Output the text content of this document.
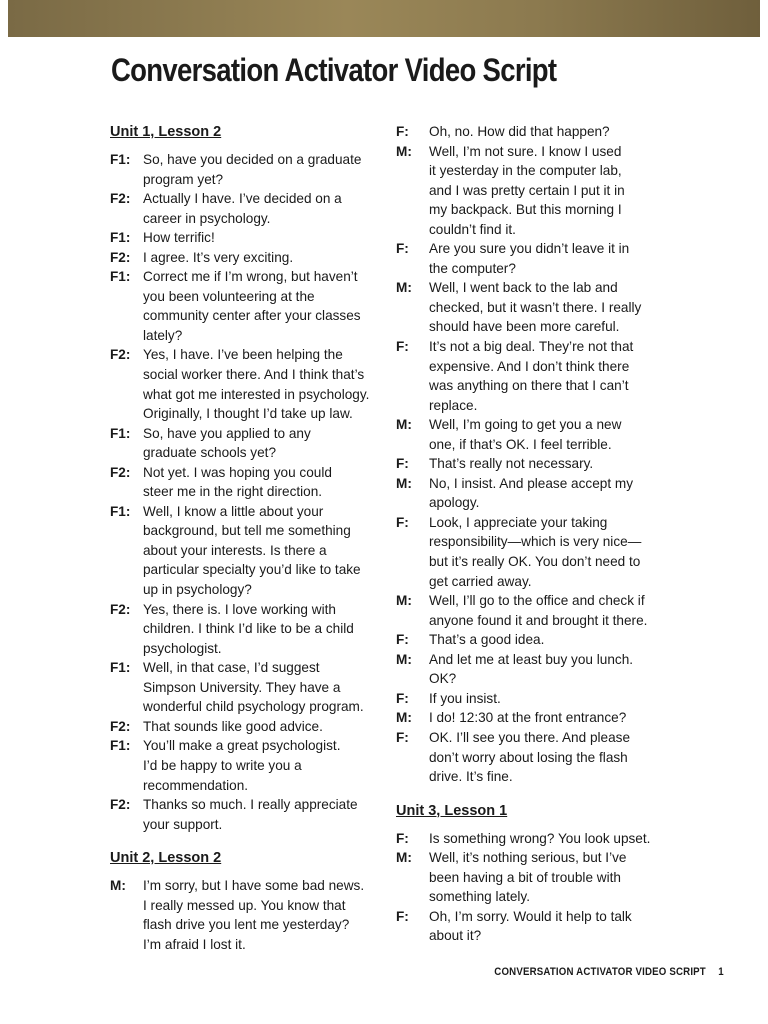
Conversation Activator Video Script
Unit 1, Lesson 2
F1: So, have you decided on a graduate
program yet?
F2: Actually I have. I’ve decided on a
career in psychology.
F1: How terrific!
F2: I agree. It’s very exciting.
F1: Correct me if I’m wrong, but haven’t
you been volunteering at the
community center after your classes
lately?
F2: Yes, I have. I’ve been helping the
social worker there. And I think that’s
what got me interested in psychology.
Originally, I thought I’d take up law.
F1: So, have you applied to any
graduate schools yet?
F2: Not yet. I was hoping you could
steer me in the right direction.
F1: Well, I know a little about your
background, but tell me something
about your interests. Is there a
particular specialty you’d like to take
up in psychology?
F2: Yes, there is. I love working with
children. I think I’d like to be a child
psychologist.
F1: Well, in that case, I’d suggest
Simpson University. They have a
wonderful child psychology program.
F2: That sounds like good advice.
F1: You’ll make a great psychologist.
I’d be happy to write you a
recommendation.
F2: Thanks so much. I really appreciate
your support.
Unit 2, Lesson 2
M:	I’m sorry, but I have some bad news.
I really messed up. You know that
flash drive you lent me yesterday?
I’m afraid I lost it.
F:	Oh, no. How did that happen?
M:	Well, I’m not sure. I know I used
it yesterday in the computer lab,
and I was pretty certain I put it in
my backpack. But this morning I
couldn’t find it.
F:	Are you sure you didn’t leave it in
the computer?
M:	Well, I went back to the lab and
checked, but it wasn’t there. I really
should have been more careful.
F:	It’s not a big deal. They’re not that
expensive. And I don’t think there
was anything on there that I can’t
replace.
M:	Well, I’m going to get you a new
one, if that’s OK. I feel terrible.
F:	That’s really not necessary.
M:	No, I insist. And please accept my
apology.
F:	Look, I appreciate your taking
responsibility—which is very nice—
but it’s really OK. You don’t need to
get carried away.
M:	Well, I’ll go to the office and check if
anyone found it and brought it there.
F:	That’s a good idea.
M:	And let me at least buy you lunch.
OK?
F:	If you insist.
M:	I do! 12:30 at the front entrance?
F:	OK. I’ll see you there. And please
don’t worry about losing the flash
drive. It’s fine.
Unit 3, Lesson 1
F:	Is something wrong? You look upset.
M:	Well, it’s nothing serious, but I’ve
been having a bit of trouble with
something lately.
F:	Oh, I’m sorry. Would it help to talk
about it?
CONVERSATION ACTIVATOR VIDEO SCRIPT 1
